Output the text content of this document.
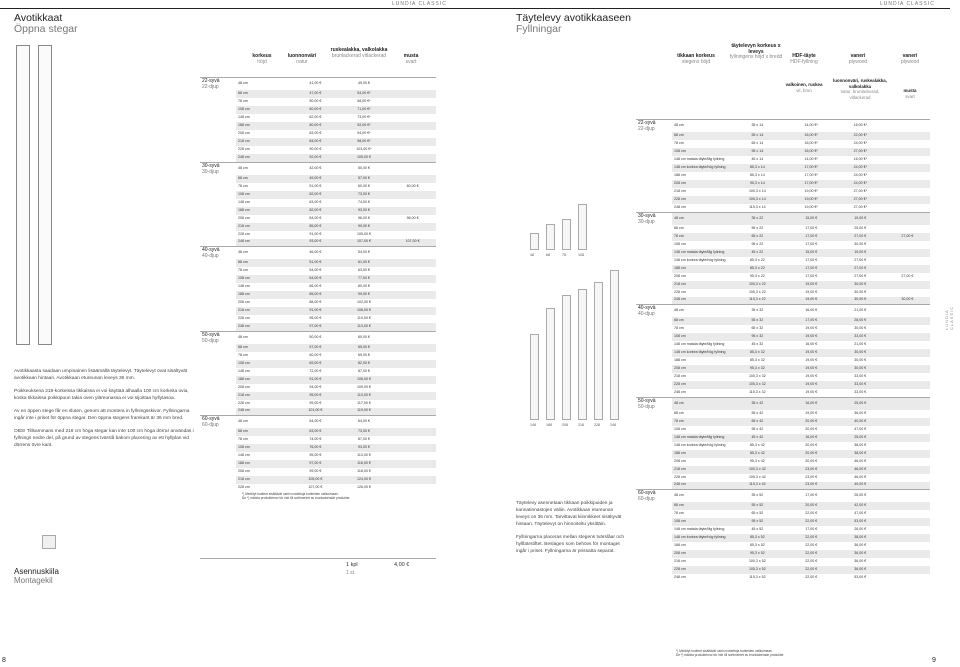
LUNDIA CLASSIC
Avotikkaat
Öppna stegar
korkeus
höjd
luonnonväri
natur
ruskealakka, valkolakka
brunlackerad vitlackerad	musta
svart
22-syvä
22-djup	48 cm	41,00 €	49,00 €	
	68 cm	47,00 €	54,00 €*	
	78 cm	50,00 €	58,00 €*	
	108 cm	60,00 €	71,00 €*	
	148 cm	62,00 €	73,00 €*	
	188 cm	80,00 €	92,00 €*	
	208 cm	83,00 €	94,00 €*	
	218 cm	84,00 €	98,00 €*	
	228 cm	90,00 €	103,00 €*	
	248 cm	92,00 €	105,00 €	

30-syvä
30-djup	48 cm	42,00 €	50,00 €	
	68 cm	49,00 €	57,00 €	
	78 cm	51,00 €	60,00 €	60,00 €
	108 cm	62,00 €	73,00 €	
	148 cm	63,00 €	74,00 €	
	188 cm	82,00 €	93,00 €	
	208 cm	84,00 €	96,00 €	96,00 €
	218 cm	85,00 €	99,00 €	
	228 cm	91,00 €	105,00 €	
	248 cm	93,00 €	107,00 €	107,00 €

40-syvä
40-djup	48 cm	46,00 €	54,00 €	
	68 cm	51,00 €	61,00 €	
	78 cm	54,00 €	63,00 €	
	108 cm	64,00 €	77,00 €	
	148 cm	66,00 €	80,00 €	
	188 cm	85,00 €	99,00 €	
	208 cm	88,00 €	102,00 €	
	218 cm	91,00 €	106,00 €	
	228 cm	95,00 €	110,00 €	
	248 cm	97,00 €	113,00 €	

50-syvä
50-djup	48 cm	50,00 €	60,00 €	
	68 cm	57,00 €	65,00 €	
	78 cm	60,00 €	69,00 €	
	108 cm	69,00 €	82,00 €	
	148 cm	72,00 €	87,00 €	
	188 cm	91,00 €	106,00 €	
	208 cm	94,00 €	109,00 €	
	218 cm	95,00 €	113,00 €	
	228 cm	99,00 €	117,00 €	
	248 cm	101,00 €	119,00 €	

60-syvä
60-djup	48 cm	54,00 €	64,00 €	
	68 cm	63,00 €	73,00 €	
	78 cm	74,00 €	87,00 €	
	108 cm	76,00 €	93,00 €	
	148 cm	95,00 €	113,00 €	
	188 cm	97,00 €	116,00 €	
	208 cm	99,00 €	118,00 €	
	218 cm	105,00 €	124,00 €	
	228 cm	107,00 €	126,00 €	
*) Merkityt tuotteet sisältävät usein nostettuja tuotteiden valikoimaan.
De *) märkta produkterna hör inte till sortimentet av brunlackerade produkter.

Avotikkaasta saadaan umpinainen lisäämällä täytelevyt. Täytelevyt ovat sisältyvät avotikkaan hintaan. Avotikkaan etureunan leveys 36 mm.

Poikkeuksena 218-korkeissa tikkaissa ei voi käyttää alhaalla 100 cm korkeita ovia, koska tikkaissa poikkipuun takia oven yläreunassa ei voi sijoittaa hyllytasoa.

Av en öppen stege får en sluten, genom att montera in fyllningsskivor. Fyllningarna ingår inte i priset för öppna stegar. Den öppna stegens framkant är 36 mm bred.

OBS! Tillsammans med 218 cm höga stegar kan inte 100 cm höga dörrar användas i fyllnings nedre del, på grund av stegens tvärslå bakom placering av ett hyllplan vid dörrens övre kant.

Asennuskiila
Montagekil
1 kpl
1 st.
4,00 €
8
LUNDIA CLASSIC
Täytelevy avotikkaaseen
Fyllningar
48	68	78	108
148	188	208	218	228	248
tikkaan korkeus
stegens höjd
täytelevyn korkeus x leveys
fyllningens höjd x bredd	HDF-täyte
HDF-fyllning
vaneri
plywood
vaneri
plywood
valkoinen, ruskea
vit, brun
luonnonväri, ruskealakka, valkolakka
natur, brunlackerad, vitlackerad
musta
svart
22-syvä
22-djup	48 cm	35 x 14	14,00 €*	16,00 €*	
	68 cm	55 x 14	16,00 €*	22,00 €*	
	78 cm	65 x 14	16,00 €*	24,00 €*	
	108 cm	95 x 14	16,00 €*	27,00 €*	
	148 cm matala täyte/låg fyllning	45 x 14	14,00 €*	16,00 €*	
	148 cm korkea täyte/hög fyllning	85,3 x 14	17,00 €*	24,00 €*	
	188 cm	85,3 x 14	17,00 €*	24,00 €*	
	208 cm	95,3 x 14	17,00 €*	24,00 €*	
	218 cm	100,3 x 14	19,00 €*	27,00 €*	
	228 cm	105,3 x 14	19,00 €*	27,00 €*	
	248 cm	115,3 x 14	19,00 €*	27,00 €*	

30-syvä
30-djup	48 cm	35 x 22	15,00 €	19,00 €	
	68 cm	55 x 22	17,00 €	25,00 €	
	78 cm	65 x 22	17,00 €	27,00 €	27,00 €
	108 cm	95 x 22	17,00 €	30,00 €	
	148 cm matala täyte/låg fyllning	45 x 22	15,00 €	19,00 €	
	148 cm korkea täyte/hög fyllning	85,3 x 22	17,00 €	27,00 €	
	188 cm	85,3 x 22	17,00 €	27,00 €	
	208 cm	95,3 x 22	17,00 €	27,00 €	27,00 €
	218 cm	100,3 x 22	19,00 €	30,00 €	
	228 cm	105,3 x 22	19,00 €	30,00 €	
	248 cm	115,3 x 22	19,00 €	30,00 €	30,00 €

40-syvä
40-djup	48 cm	35 x 32	16,00 €	21,00 €	
	68 cm	55 x 32	17,00 €	28,00 €	
	78 cm	65 x 32	19,00 €	30,00 €	
	108 cm	95 x 32	19,00 €	33,00 €	
	148 cm matala täyte/låg fyllning	45 x 32	16,00 €	21,00 €	
	148 cm korkea täyte/hög fyllning	85,3 x 32	19,00 €	30,00 €	
	188 cm	85,3 x 32	19,00 €	30,00 €	
	208 cm	95,3 x 32	19,00 €	30,00 €	
	218 cm	100,3 x 32	19,00 €	33,00 €	
	228 cm	105,3 x 32	19,00 €	33,00 €	
	248 cm	115,3 x 32	19,00 €	33,00 €	

50-syvä
50-djup	48 cm	35 x 42	16,00 €	25,00 €	
	68 cm	55 x 42	19,00 €	36,00 €	
	78 cm	65 x 42	20,00 €	40,00 €	
	108 cm	95 x 42	20,00 €	47,00 €	
	148 cm matala täyte/låg fyllning	45 x 42	16,00 €	25,00 €	
	148 cm korkea täyte/hög fyllning	85,3 x 42	20,00 €	38,00 €	
	188 cm	85,3 x 42	20,00 €	38,00 €	
	208 cm	95,3 x 42	20,00 €	46,00 €	
	218 cm	100,3 x 42	23,00 €	46,00 €	
	228 cm	105,3 x 42	23,00 €	46,00 €	
	248 cm	115,3 x 42	23,00 €	49,00 €	

60-syvä
60-djup	48 cm	35 x 52	17,00 €	26,00 €	
	68 cm	55 x 52	20,00 €	42,00 €	
	78 cm	65 x 52	22,00 €	47,00 €	
	108 cm	95 x 52	22,00 €	53,00 €	
	148 cm matala täyte/låg fyllning	45 x 52	17,00 €	26,00 €	
	148 cm korkea täyte/hög fyllning	85,3 x 52	22,00 €	38,00 €	
	188 cm	85,3 x 52	22,00 €	36,00 €	
	208 cm	95,3 x 52	22,00 €	36,00 €	
	218 cm	100,3 x 52	22,00 €	36,00 €	
	228 cm	105,3 x 52	22,00 €	36,00 €	
	248 cm	115,3 x 52	22,00 €	53,00 €	
*) Merkityt tuotteet sisältävät usein nostettuja tuotteiden valikoimaan.
De *) märkta produkterna hör inte till sortimentet av brunlackerade produkter.

Täytelevy asennetaan tikkaan poikkipuiden ja kannatinnastojen väliin. Avotikkaan etureunan leveys on 36 mm. Tarvittavat kiinnikkeet sisältyvät hintaan. Täytelevyt on hinnoiteltu yksittäin.

Fyllningarna placeras mellan stegens tvärslåar och hyllbärstiftet. Beslagen som behövs för montaget ingår i priset. Fyllningarna är prissatta separat.

9
LUNDIA CLASSIC
